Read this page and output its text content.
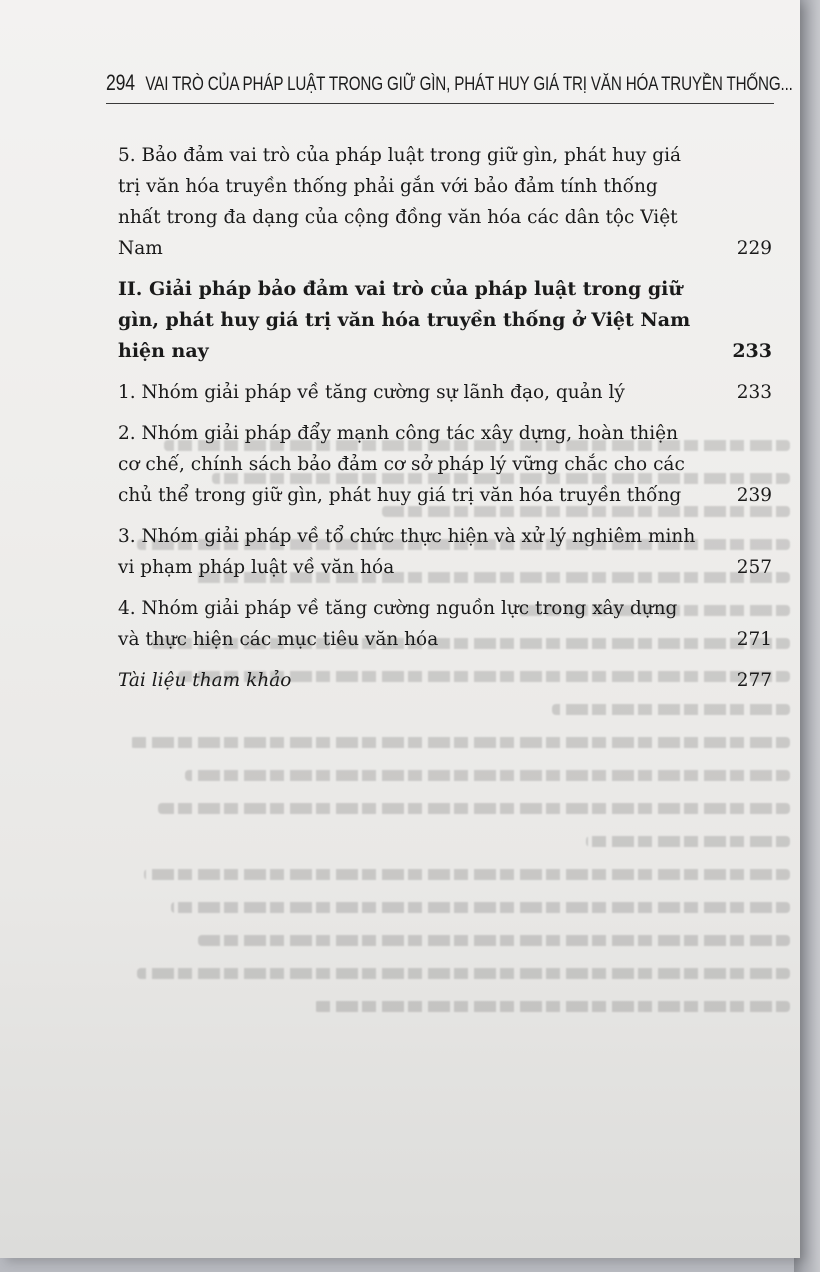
294 VAI TRÒ CỦA PHÁP LUẬT TRONG GIỮ GÌN, PHÁT HUY GIÁ TRỊ VĂN HÓA TRUYỀN THỐNG...
5. Bảo đảm vai trò của pháp luật trong giữ gìn, phát huy giá trị văn hóa truyền thống phải gắn với bảo đảm tính thống nhất trong đa dạng của cộng đồng văn hóa các dân tộc Việt Nam	229
II. Giải pháp bảo đảm vai trò của pháp luật trong giữ gìn, phát huy giá trị văn hóa truyền thống ở Việt Nam hiện nay	233
1. Nhóm giải pháp về tăng cường sự lãnh đạo, quản lý	233
2. Nhóm giải pháp đẩy mạnh công tác xây dựng, hoàn thiện cơ chế, chính sách bảo đảm cơ sở pháp lý vững chắc cho các chủ thể trong giữ gìn, phát huy giá trị văn hóa truyền thống	239
3. Nhóm giải pháp về tổ chức thực hiện và xử lý nghiêm minh vi phạm pháp luật về văn hóa	257
4. Nhóm giải pháp về tăng cường nguồn lực trong xây dựng và thực hiện các mục tiêu văn hóa	271
Tài liệu tham khảo	277
